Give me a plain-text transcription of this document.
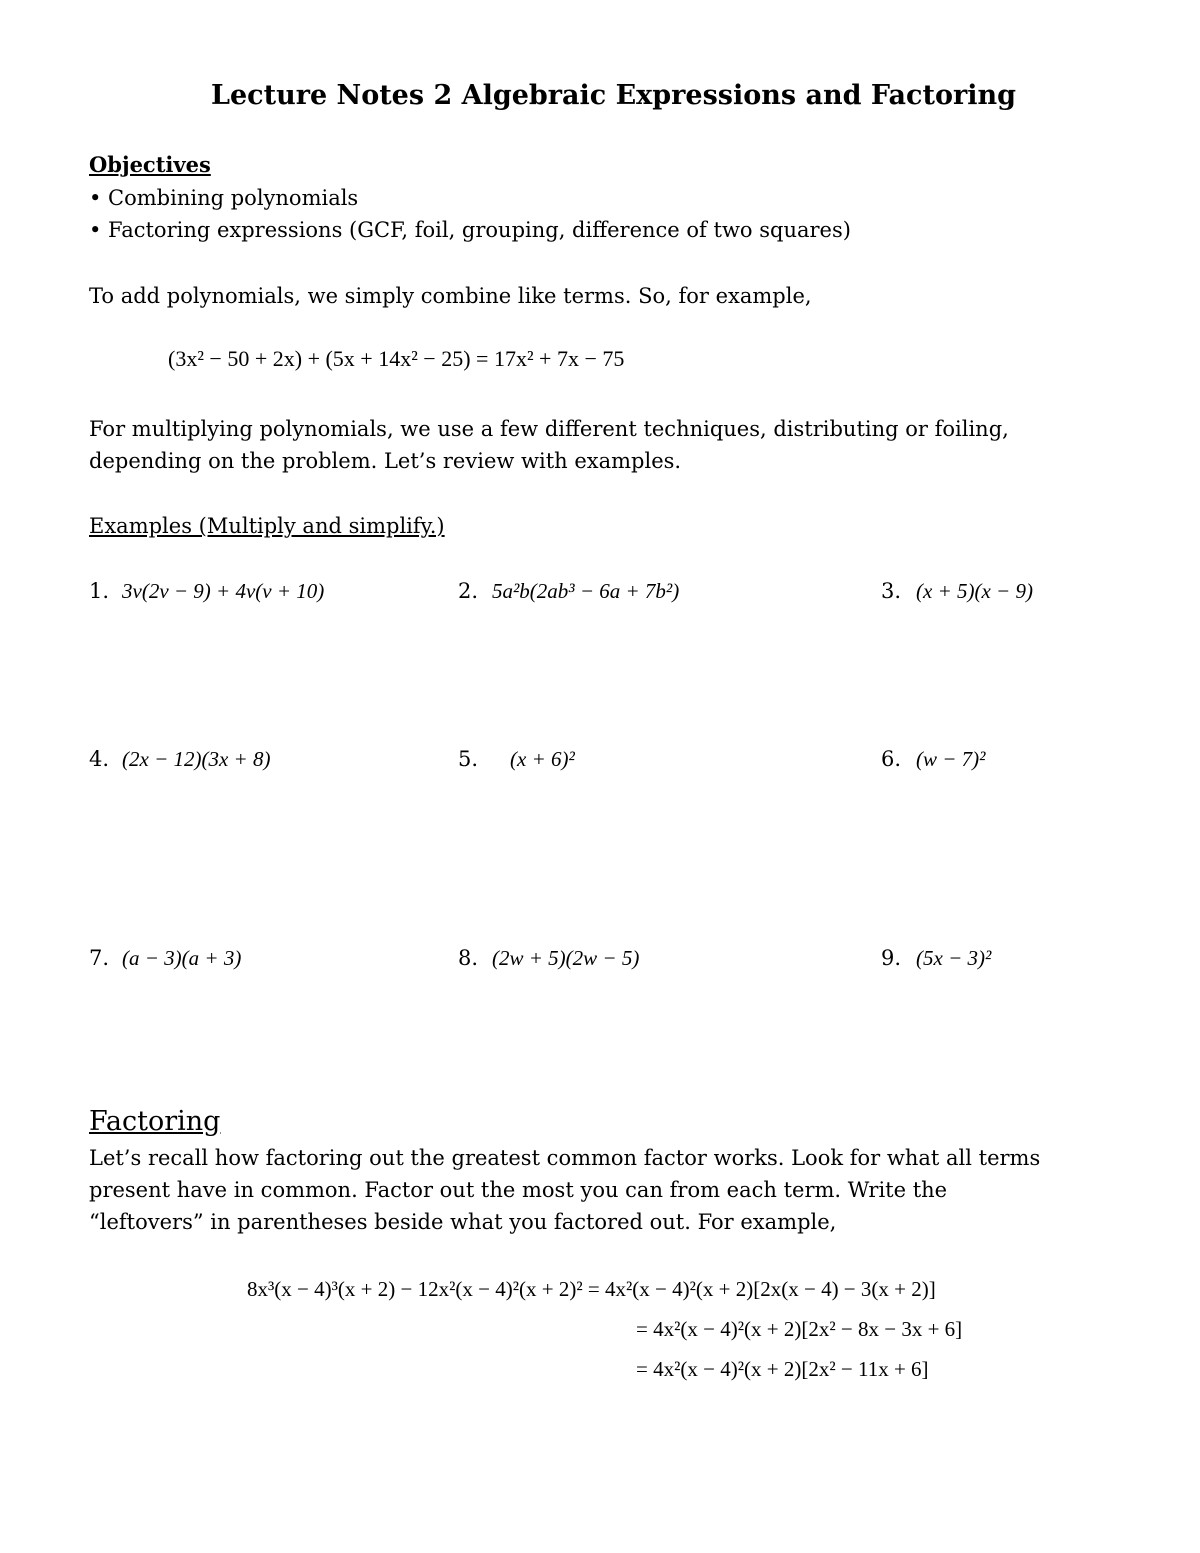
Lecture Notes 2 Algebraic Expressions and Factoring
Objectives
• Combining polynomials
• Factoring expressions (GCF, foil, grouping, difference of two squares)
To add polynomials, we simply combine like terms. So, for example,
(3x² − 50 + 2x) + (5x + 14x² − 25) = 17x² + 7x − 75
For multiplying polynomials, we use a few different techniques, distributing or foiling,
depending on the problem. Let’s review with examples.
Examples (Multiply and simplify.)
1. 3v(2v − 9) + 4v(v + 10)	2. 5a²b(2ab³ − 6a + 7b²)	3. (x + 5)(x − 9)
4. (2x − 12)(3x + 8)	5. (x + 6)²	6. (w − 7)²
7. (a − 3)(a + 3)	8. (2w + 5)(2w − 5)	9. (5x − 3)²
Factoring
Let’s recall how factoring out the greatest common factor works. Look for what all terms
present have in common. Factor out the most you can from each term. Write the
“leftovers” in parentheses beside what you factored out. For example,
8x³(x − 4)³(x + 2) − 12x²(x − 4)²(x + 2)² = 4x²(x − 4)²(x + 2)[2x(x − 4) − 3(x + 2)]
= 4x²(x − 4)²(x + 2)[2x² − 8x − 3x + 6]
= 4x²(x − 4)²(x + 2)[2x² − 11x + 6]
